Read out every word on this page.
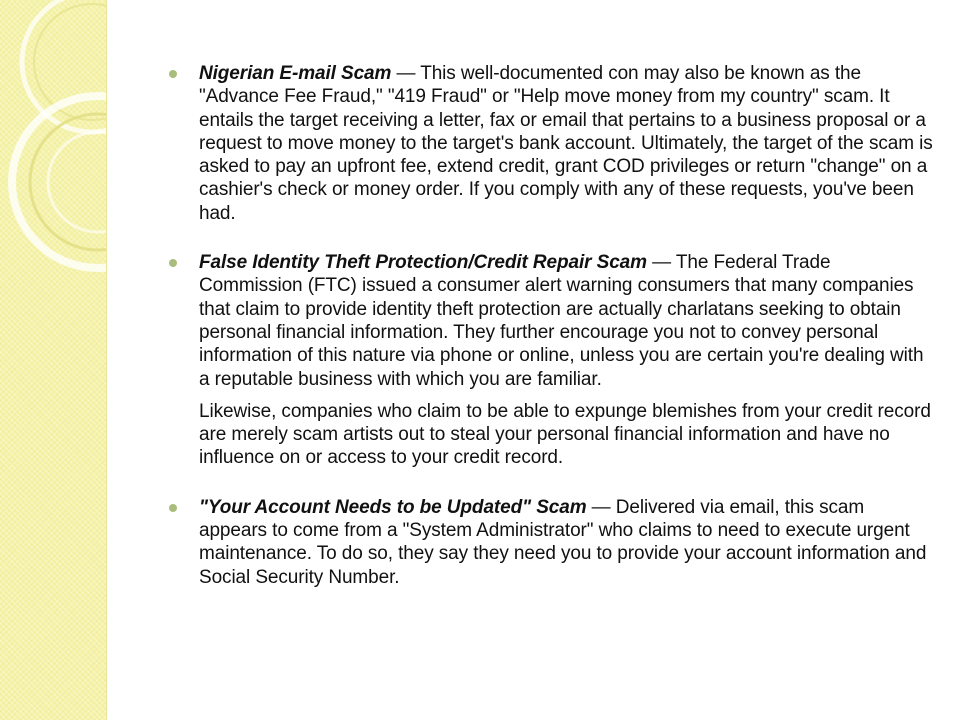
Nigerian E-mail Scam — This well-documented con may also be known as the "Advance Fee Fraud," "419 Fraud" or "Help move money from my country" scam. It entails the target receiving a letter, fax or email that pertains to a business proposal or a request to move money to the target's bank account. Ultimately, the target of the scam is asked to pay an upfront fee, extend credit, grant COD privileges or return "change" on a cashier's check or money order. If you comply with any of these requests, you've been had.
False Identity Theft Protection/Credit Repair Scam — The Federal Trade Commission (FTC) issued a consumer alert warning consumers that many companies that claim to provide identity theft protection are actually charlatans seeking to obtain personal financial information. They further encourage you not to convey personal information of this nature via phone or online, unless you are certain you're dealing with a reputable business with which you are familiar.
Likewise, companies who claim to be able to expunge blemishes from your credit record are merely scam artists out to steal your personal financial information and have no influence on or access to your credit record.
"Your Account Needs to be Updated" Scam — Delivered via email, this scam appears to come from a "System Administrator" who claims to need to execute urgent maintenance. To do so, they say they need you to provide your account information and Social Security Number.
